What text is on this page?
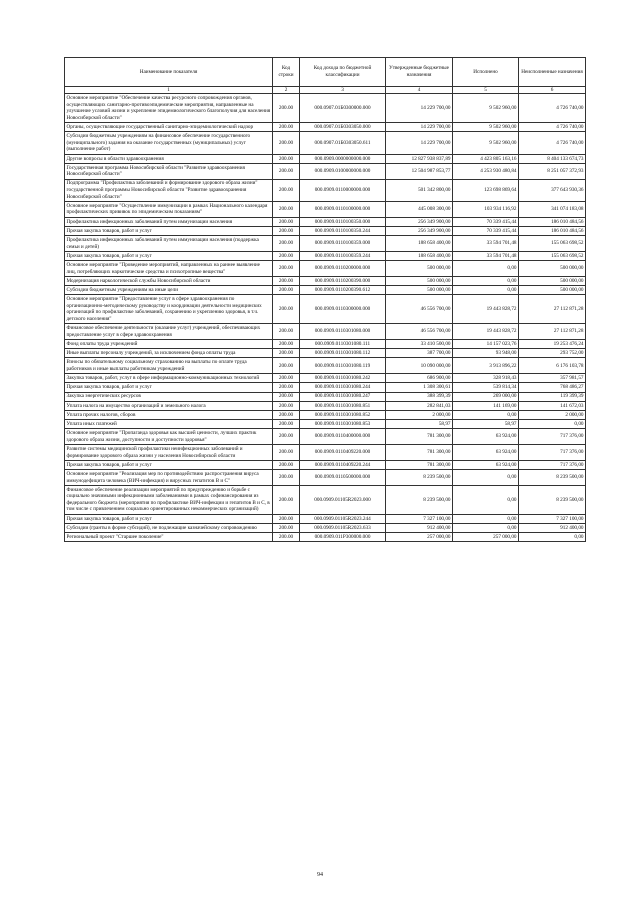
Наименование показателя	Код строки	Код дохода по бюджетной классификации	Утвержденные бюджетные назначения	Исполнено	Неисполненные назначения
1	2	3	4	5	6
Основное мероприятие "Обеспечение качества ресурсного сопровождения органов, осуществляющих санитарно-противоэпидемические мероприятия, направленные на улучшение условий жизни и укрепление эпидемиологического благополучия для населения Новосибирской области"	200.00	000.0907.01Б0300000.000	14 229 700,00	9 502 960,00	4 726 740,00
Органы, осуществляющие государственный санитарно-эпидемиологический надзор	200.00	000.0907.01Б0303050.000	14 229 700,00	9 502 960,00	4 726 740,00
Субсидии бюджетным учреждениям на финансовое обеспечение государственного (муниципального) задания на оказание государственных (муниципальных) услуг (выполнение работ)	200.00	000.0907.01Б0303050.611	14 229 700,00	9 502 960,00	4 726 740,00
Другие вопросы в области здравоохранения	200.00	000.0909.0000000000.000	12 827 938 837,89	4 423 805 163,16	8 404 133 674,73
Государственная программа Новосибирской области "Развитие здравоохранения Новосибирской области"	200.00	000.0909.0100000000.000	12 504 987 853,77	4 253 930 480,84	8 251 057 372,93
Подпрограмма "Профилактика заболеваний и формирование здорового образа жизни" государственной программы Новосибирской области "Развитие здравоохранения Новосибирской области"	200.00	000.0909.0110000000.000	501 342 800,00	123 698 869,64	377 643 930,36
Основное мероприятие "Осуществление иммунизации в рамках Национального календаря профилактических прививок по эпидемическим показаниям"	200.00	000.0909.0110100000.000	445 008 300,00	103 934 116,92	341 074 183,08
Профилактика инфекционных заболеваний путем иммунизации населения	200.00	000.0909.0110100350.000	256 349 900,00	70 339 415,44	186 010 484,56
Прочая закупка товаров, работ и услуг	200.00	000.0909.0110100350.244	256 349 900,00	70 339 415,44	186 010 484,56
Профилактика инфекционных заболеваний путем иммунизации населения (поддержка семьи и детей)	200.00	000.0909.0110100359.000	188 658 400,00	33 594 701,48	155 063 698,52
Прочая закупка товаров, работ и услуг	200.00	000.0909.0110100359.244	188 658 400,00	33 594 701,48	155 063 698,52
Основное мероприятие "Проведение мероприятий, направленных на раннее выявление лиц, потребляющих наркотические средства и психотропные вещества"	200.00	000.0909.0110200000.000	500 000,00	0,00	500 000,00
Модернизация наркологической службы Новосибирской области	200.00	000.0909.0110200390.000	500 000,00	0,00	500 000,00
Субсидии бюджетным учреждениям на иные цели	200.00	000.0909.0110200390.612	500 000,00	0,00	500 000,00
Основное мероприятие "Предоставление услуг в сфере здравоохранения по организационно-методическому руководству и координации деятельности медицинских организаций по профилактике заболеваний, сохранению и укреплению здоровья, в т.ч. детского населения"	200.00	000.0909.0110300000.000	46 556 700,00	19 443 828,72	27 112 871,28
Финансовое обеспечение деятельности (оказание услуг) учреждений, обеспечивающих предоставление услуг в сфере здравоохранения	200.00	000.0909.0110301080.000	46 556 700,00	19 443 828,72	27 112 871,28
Фонд оплаты труда учреждений	200.00	000.0909.0110301080.111	33 410 500,00	14 157 023,76	19 253 476,24
Иные выплаты персоналу учреждений, за исключением фонда оплаты труда	200.00	000.0909.0110301080.112	387 700,00	93 948,00	293 752,00
Взносы по обязательному социальному страхованию на выплаты по оплате труда работников и иные выплаты работникам учреждений	200.00	000.0909.0110301080.119	10 090 000,00	3 913 896,22	6 176 103,78
Закупка товаров, работ, услуг в сфере информационно-коммуникационных технологий	200.00	000.0909.0110301080.242	686 900,00	328 918,43	357 981,57
Прочая закупка товаров, работ и услуг	200.00	000.0909.0110301080.244	1 308 300,61	539 814,34	768 486,27
Закупка энергетических ресурсов	200.00	000.0909.0110301080.247	388 399,39	269 000,00	119 399,39
Уплата налога на имущество организаций и земельного налога	200.00	000.0909.0110301080.851	282 841,03	141 169,00	141 672,03
Уплата прочих налогов, сборов	200.00	000.0909.0110301080.852	2 000,00	0,00	2 000,00
Уплата иных платежей	200.00	000.0909.0110301080.853	58,97	58,97	0,00
Основное мероприятие "Пропаганда здоровья как высшей ценности, лучших практик здорового образа жизни, доступности и доступности здоровья"	200.00	000.0909.0110400000.000	781 300,00	63 924,00	717 376,00
Развитие системы медицинской профилактики неинфекционных заболеваний и формирование здорового образа жизни у населения Новосибирской области	200.00	000.0909.0110409220.000	781 300,00	63 924,00	717 376,00
Прочая закупка товаров, работ и услуг	200.00	000.0909.0110409220.244	781 300,00	63 924,00	717 376,00
Основное мероприятие "Реализация мер по противодействию распространения вируса иммунодефицита человека (ВИЧ-инфекция) и вирусных гепатитов В и С"	200.00	000.0909.0110500000.000	8 239 500,00	0,00	8 239 500,00
Финансовое обеспечение реализации мероприятий по предупреждению и борьбе с социально значимыми инфекционными заболеваниями в рамках софинансирования из федерального бюджета (мероприятия по профилактике ВИЧ-инфекции и гепатитов В и С, в том числе с привлечением социально ориентированных некоммерческих организаций)	200.00	000.0909.01105R2023.000	8 239 500,00	0,00	8 239 500,00
Прочая закупка товаров, работ и услуг	200.00	000.0909.01105R2023.244	7 327 100,00	0,00	7 327 100,00
Субсидии (гранты в форме субсидий), не подлежащие казначейскому сопровождению	200.00	000.0909.01105R2023.633	912 400,00	0,00	912 400,00
Региональный проект "Старшее поколение"	200.00	000.0909.011P300000.000	257 000,00	257 000,00	0,00
94
